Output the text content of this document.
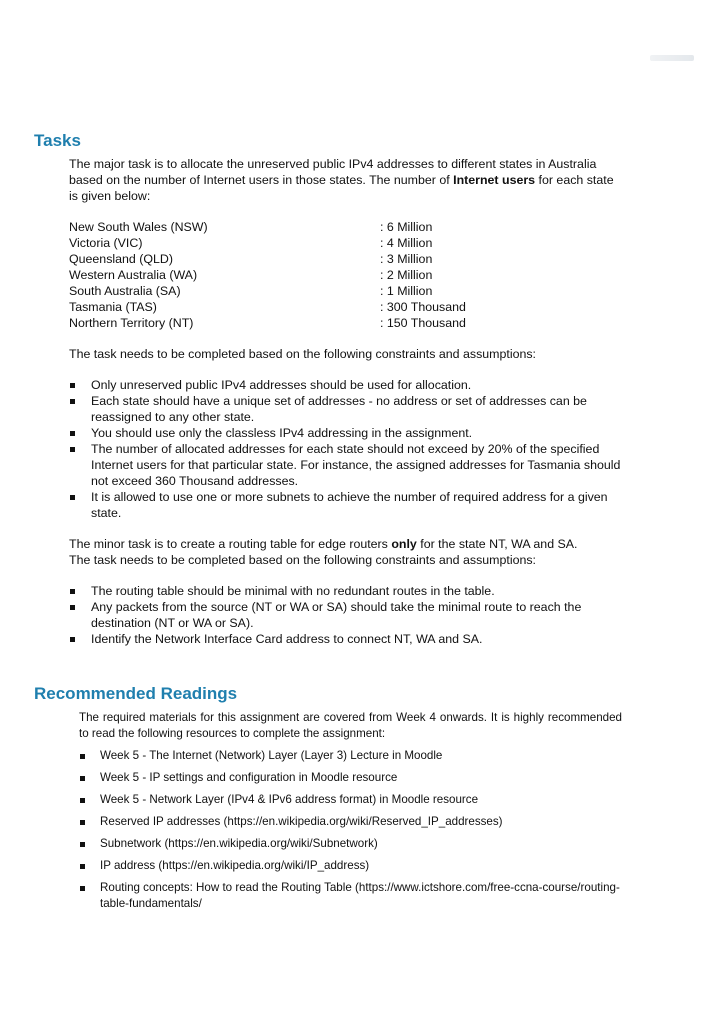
Tasks

The major task is to allocate the unreserved public IPv4 addresses to different states in Australia based on the number of Internet users in those states. The number of Internet users for each state is given below:

New South Wales (NSW)	: 6 Million
Victoria (VIC)	: 4 Million
Queensland (QLD)	: 3 Million
Western Australia (WA)	: 2 Million
South Australia (SA)	: 1 Million
Tasmania (TAS)	: 300 Thousand
Northern Territory (NT)	: 150 Thousand

The task needs to be completed based on the following constraints and assumptions:

Only unreserved public IPv4 addresses should be used for allocation.
Each state should have a unique set of addresses - no address or set of addresses can be reassigned to any other state.
You should use only the classless IPv4 addressing in the assignment.
The number of allocated addresses for each state should not exceed by 20% of the specified Internet users for that particular state. For instance, the assigned addresses for Tasmania should not exceed 360 Thousand addresses.
It is allowed to use one or more subnets to achieve the number of required address for a given state.

The minor task is to create a routing table for edge routers only for the state NT, WA and SA.

The task needs to be completed based on the following constraints and assumptions:

The routing table should be minimal with no redundant routes in the table.
Any packets from the source (NT or WA or SA) should take the minimal route to reach the destination (NT or WA or SA).
Identify the Network Interface Card address to connect NT, WA and SA.
Recommended Readings

The required materials for this assignment are covered from Week 4 onwards. It is highly recommended to read the following resources to complete the assignment:

Week 5 - The Internet (Network) Layer (Layer 3) Lecture in Moodle
Week 5 - IP settings and configuration in Moodle resource
Week 5 - Network Layer (IPv4 & IPv6 address format) in Moodle resource
Reserved IP addresses (https://en.wikipedia.org/wiki/Reserved_IP_addresses)
Subnetwork (https://en.wikipedia.org/wiki/Subnetwork)
IP address (https://en.wikipedia.org/wiki/IP_address)
Routing concepts: How to read the Routing Table (https://www.ictshore.com/free-ccna-course/routing-table-fundamentals/
